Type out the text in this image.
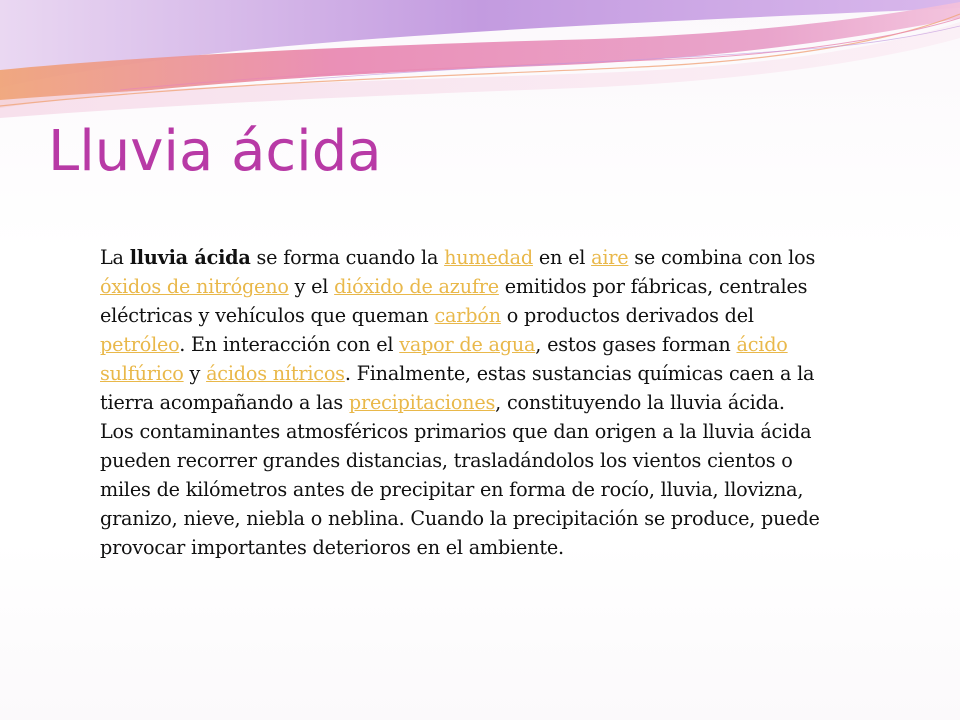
Lluvia ácida

La lluvia ácida se forma cuando la humedad en el aire se combina con los óxidos de nitrógeno y el dióxido de azufre emitidos por fábricas, centrales eléctricas y vehículos que queman carbón o productos derivados del petróleo. En interacción con el vapor de agua, estos gases forman ácido sulfúrico y ácidos nítricos. Finalmente, estas sustancias químicas caen a la tierra acompañando a las precipitaciones, constituyendo la lluvia ácida.

Los contaminantes atmosféricos primarios que dan origen a la lluvia ácida pueden recorrer grandes distancias, trasladándolos los vientos cientos o miles de kilómetros antes de precipitar en forma de rocío, lluvia, llovizna, granizo, nieve, niebla o neblina. Cuando la precipitación se produce, puede provocar importantes deterioros en el ambiente.
